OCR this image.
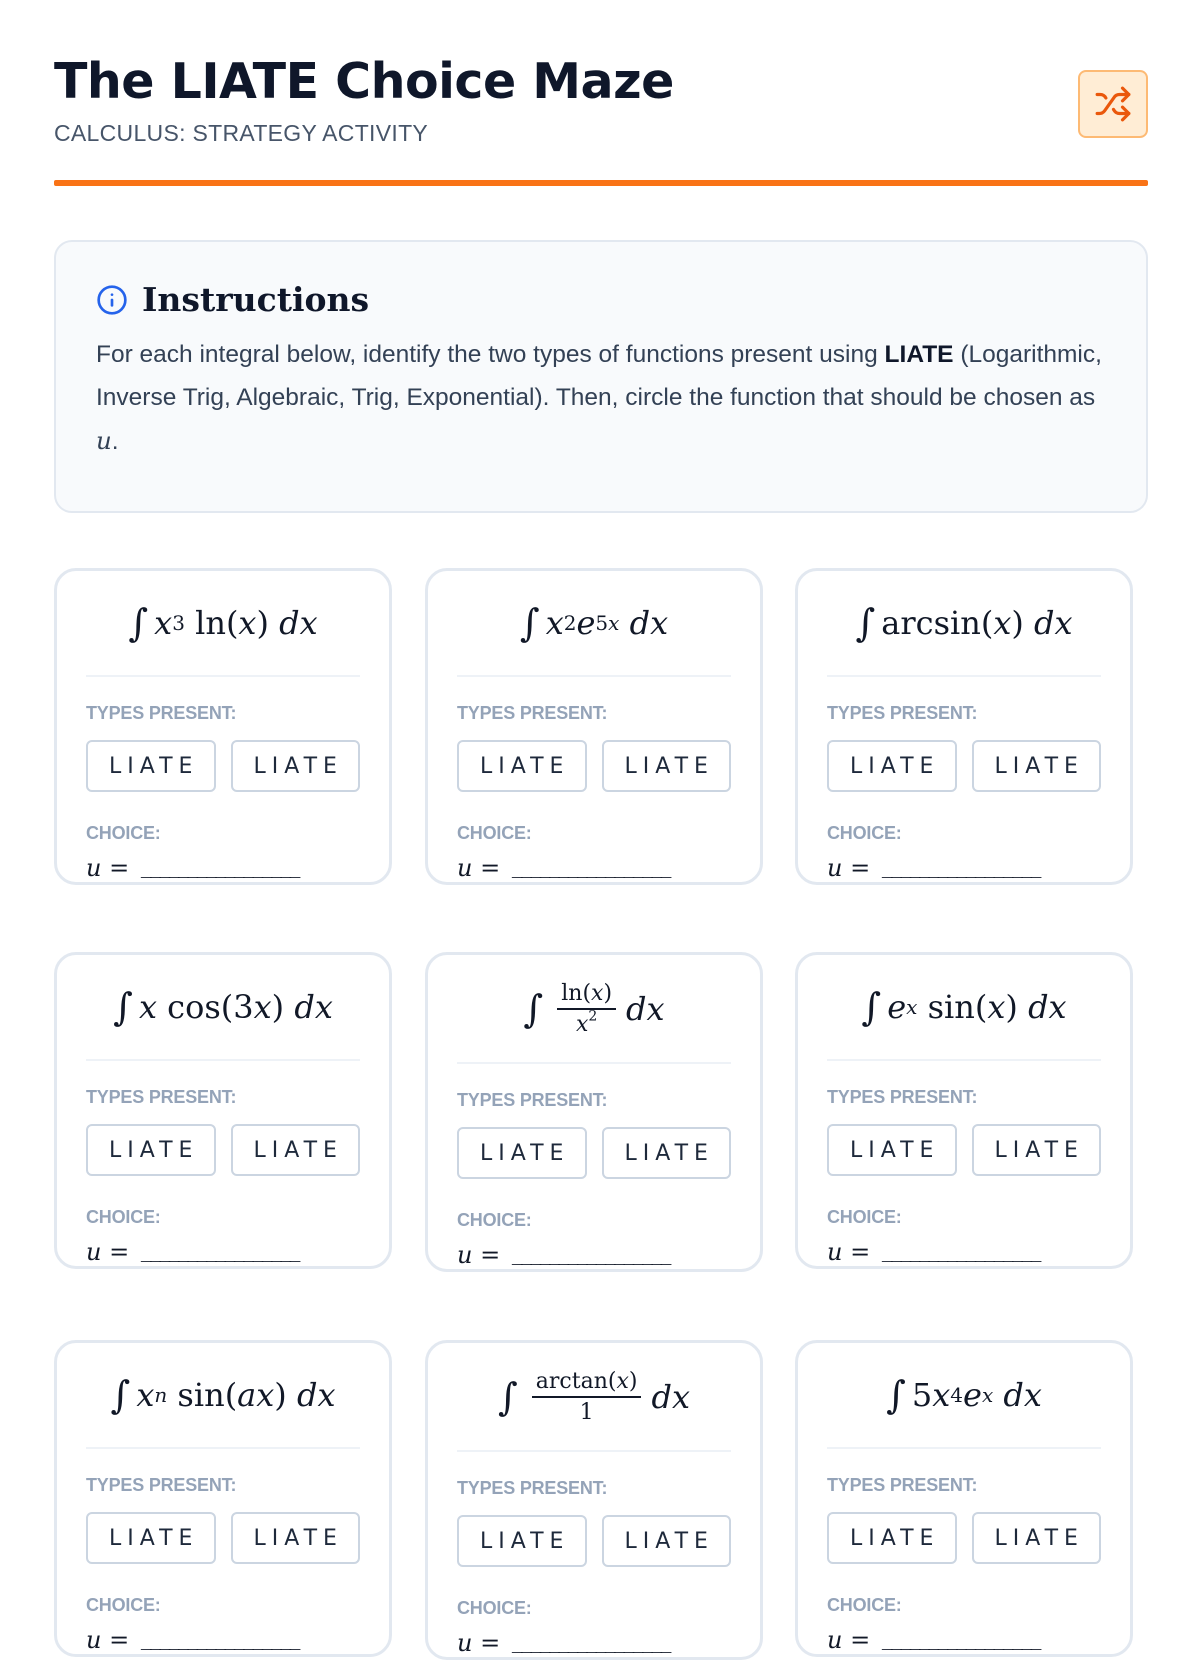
The LIATE Choice Maze
CALCULUS: STRATEGY ACTIVITY
Instructions

For each integral below, identify the two types of functions present using LIATE (Logarithmic, Inverse Trig, Algebraic, Trig, Exponential). Then, circle the function that should be chosen as u.

∫ x 3 ln( x ) dx
TYPES PRESENT:
LIATE	LIATE
CHOICE:
u = _________________
∫ x 2 e 5x
dx
TYPES PRESENT:
LIATE	LIATE
CHOICE:
u = _________________
∫ arcsin( x ) dx
TYPES PRESENT:
LIATE	LIATE
CHOICE:
u = _________________
∫ x cos(3 x ) dx
TYPES PRESENT:
LIATE	LIATE
CHOICE:
u = _________________
∫ $\frac{\ln(x)}{x^2}$ dx
TYPES PRESENT:
LIATE	LIATE
CHOICE:
u = _________________
∫ e x sin( x ) dx
TYPES PRESENT:
LIATE	LIATE
CHOICE:
u = _________________
∫ x n sin( ax ) dx
TYPES PRESENT:
LIATE	LIATE
CHOICE:
u = _________________
∫ $\frac{\arctan(x)}{1}$ dx
TYPES PRESENT:
LIATE	LIATE
CHOICE:
u = _________________
∫ 5 x 4 e x
dx
TYPES PRESENT:
LIATE	LIATE
CHOICE:
u = _________________
